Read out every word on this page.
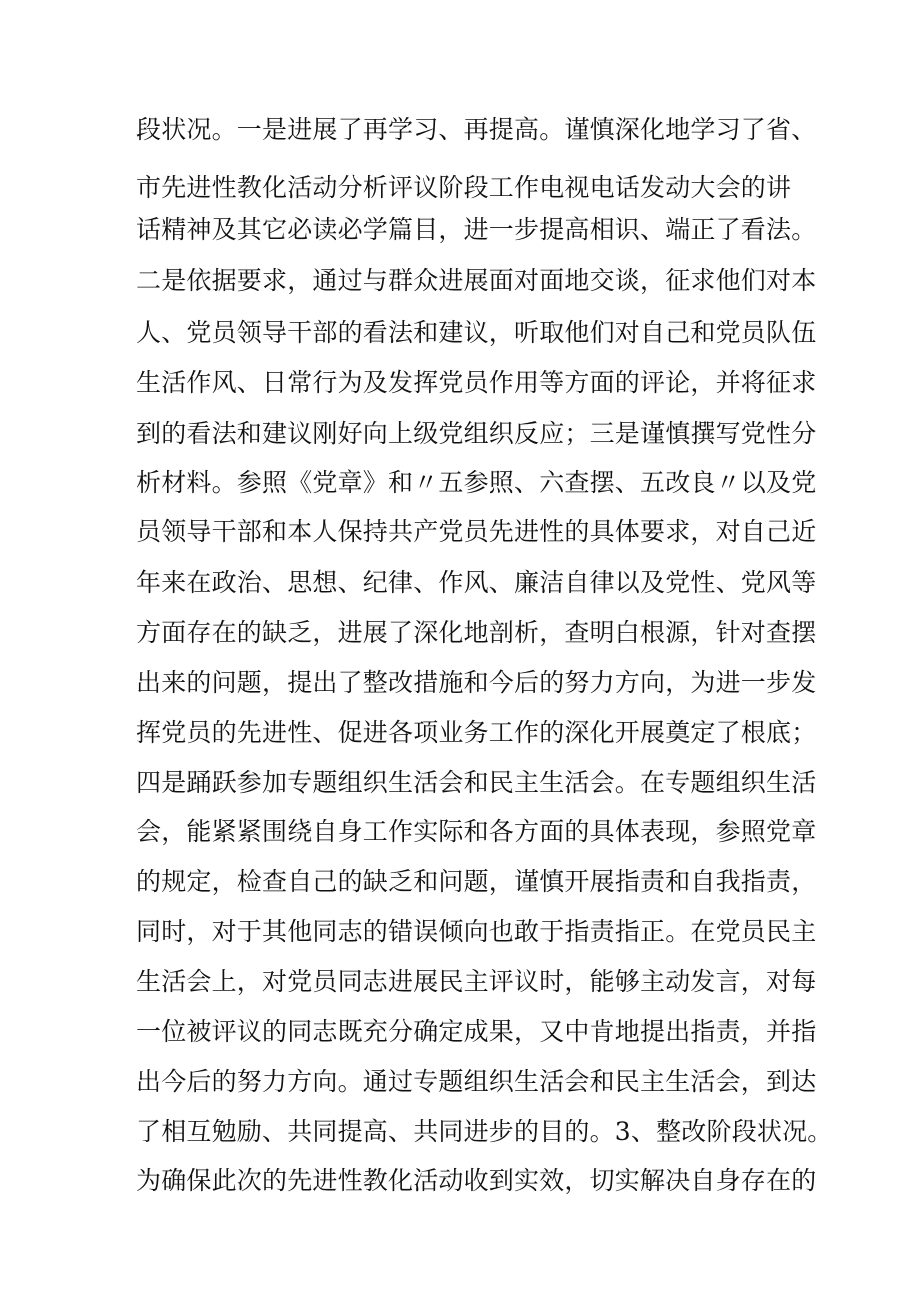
段状况。一是进展了再学习、再提高。谨慎深化地学习了省、
市先进性教化活动分析评议阶段工作电视电话发动大会的讲
话精神及其它必读必学篇目，进一步提高相识、端正了看法。
二是依据要求，通过与群众进展面对面地交谈，征求他们对本
人、党员领导干部的看法和建议，听取他们对自己和党员队伍
生活作风、日常行为及发挥党员作用等方面的评论，并将征求
到的看法和建议刚好向上级党组织反应；三是谨慎撰写党性分
析材料。参照《党章》和〃五参照、六查摆、五改良〃以及党
员领导干部和本人保持共产党员先进性的具体要求，对自己近
年来在政治、思想、纪律、作风、廉洁自律以及党性、党风等
方面存在的缺乏，进展了深化地剖析，查明白根源，针对查摆
出来的问题，提出了整改措施和今后的努力方向，为进一步发
挥党员的先进性、促进各项业务工作的深化开展奠定了根底；
四是踊跃参加专题组织生活会和民主生活会。在专题组织生活
会，能紧紧围绕自身工作实际和各方面的具体表现，参照党章
的规定，检查自己的缺乏和问题，谨慎开展指责和自我指责，
同时，对于其他同志的错误倾向也敢于指责指正。在党员民主
生活会上，对党员同志进展民主评议时，能够主动发言，对每
一位被评议的同志既充分确定成果，又中肯地提出指责，并指
出今后的努力方向。通过专题组织生活会和民主生活会，到达
了相互勉励、共同提高、共同进步的目的。3、整改阶段状况。
为确保此次的先进性教化活动收到实效，切实解决自身存在的
